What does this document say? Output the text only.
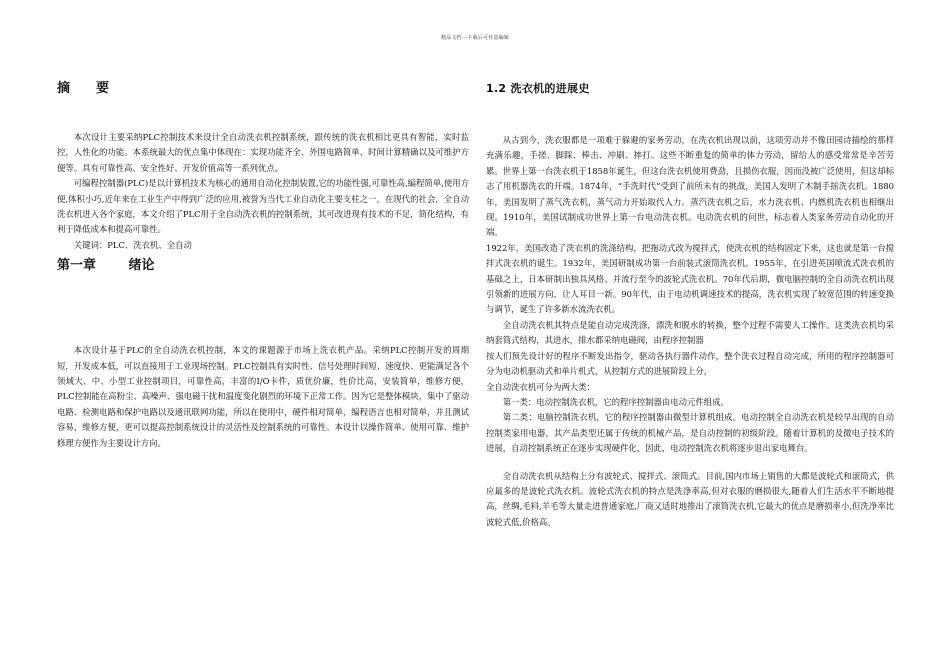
精品文档---下载后可任意编辑
摘要

本次设计主要采纳PLC控制技术来设计全自动洗衣机控制系统，跟传统的洗衣机相比更具有智能，实时监控，人性化的功能。本系统最大的优点集中体现在：实现功能齐全、外围电路简单、时间计算精确以及可维护方便等。具有可靠性高、安全性好、开发价值高等一系列优点。

可编程控制器(PLC)是以计算机技术为核心的通用自动化控制装置,它的功能性强,可靠性高,编程简单,使用方便,体积小巧,近年来在工业生产中得到广泛的应用,被誉为当代工业自动化主要支柱之一。在现代的社会，全自动洗衣机进入各个家庭，本文介绍了PLC用于全自动洗衣机的控制系统，其可改进现有技术的不足，简化结构，有利于降低成本和提高可靠性。

关键词：PLC、洗衣机、全自动

第一章 绪论

本次设计基于PLC的全自动洗衣机控制，本文的课题源于市场上洗衣机产品。采纳PLC控制开发的周期短，开发成本低，可以直接用于工业现场控制。PLC控制具有实时性、信号处理时间短、速度快、更能满足各个领域大、中、小型工业控制项目，可靠性高，丰富的I/O卡件，质优价廉，性价比高，安装简单，维修方便，PLC控制能在高粉尘、高噪声、强电磁干扰和温度变化剧烈的环境下正常工作。因为它是整体模块，集中了驱动电路、检测电路和保护电路以及通讯联网功能，所以在使用中，硬件相对简单，编程语言也相对简单，并且测试容易，维修方便，更可以提高控制系统设计的灵活性及控制系统的可靠性。本设计以操作简单、使用可靠、维护修理方便作为主要设计方向。

1.2 洗衣机的进展史

从古到今，洗衣服都是一项难于躲避的家务劳动，在洗衣机出现以前，这项劳动并不像田园诗描绘的那样充满乐趣，手搓、脚踩、棒击、冲刷、摔打。这些不断重复的简单的体力劳动，留给人的感受常常是辛苦劳累。世界上第一台洗衣机于1858年诞生，但这台洗衣机使用费劲，且损伤衣服，因而没被广泛使用，但这却标志了用机器洗衣的开端。1874年，“手洗时代”受到了前所未有的挑战，美国人发明了木制手摇洗衣机。1880年，美国发明了蒸气洗衣机，蒸气动力开始取代人力。蒸汽洗衣机之后，水力洗衣机、内燃机洗衣机也相继出现。1910年，美国试制成功世界上第一台电动洗衣机。电动洗衣机的问世，标志着人类家务劳动自动化的开端。

1922年，美国改造了洗衣机的洗涤结构，把拖动式改为搅拌式，使洗衣机的结构固定下来，这也就是第一台搅拌式洗衣机的诞生。1932年，美国研制成功第一台前装式滚筒洗衣机。1955年，在引进英国喷流式洗衣机的基础之上，日本研制出独具风格、并流行至今的波轮式洗衣机。70年代后期，微电脑控制的全自动洗衣机出现引领新的进展方向，让人耳目一新。90年代，由于电动机调速技术的提高，洗衣机实现了较宽范围的转速变换与调节，诞生了许多新水流洗衣机。

全自动洗衣机其特点是能自动完成洗涤，漂洗和脱水的转换，整个过程不需要人工操作。这类洗衣机均采纳套筒式结构，其进水，排水都采纳电磁阀，由程序控制器

按人们预先设计好的程序不断发出指令，驱动各执行器件动作，整个洗衣过程自动完成，所用的程序控制器可分为电动机驱动式和单片机式，从控制方式的进展阶段上分，

全自动洗衣机可分为两大类：

第一类：电动控制洗衣机，它的程序控制器由电动元件组成。

第二类：电脑控制洗衣机，它的程序控制器由微型计算机组成。电动控制全自动洗衣机是较早出现的自动控制类家用电器，其产品类型还属于传统的机械产品，是自动控制的初级阶段。随着计算机的及微电子技术的进展，自动控制系统正在逐步实现硬件化，因此，电动控制洗衣机将逐步退出家电舞台。

全自动洗衣机从结构上分有波轮式、搅拌式、滚筒式。目前,国内市场上销售的大都是波轮式和滚筒式，供应最多的是波轮式洗衣机。波轮式洗衣机的特点是洗净率高,但对衣服的磨损很大,随着人们生活水平不断地提高，丝绸,毛料,羊毛等大量走进普通家庭,厂商又适时地推出了滚筒洗衣机,它最大的优点是磨损率小,但洗净率比波轮式低,价格高。
